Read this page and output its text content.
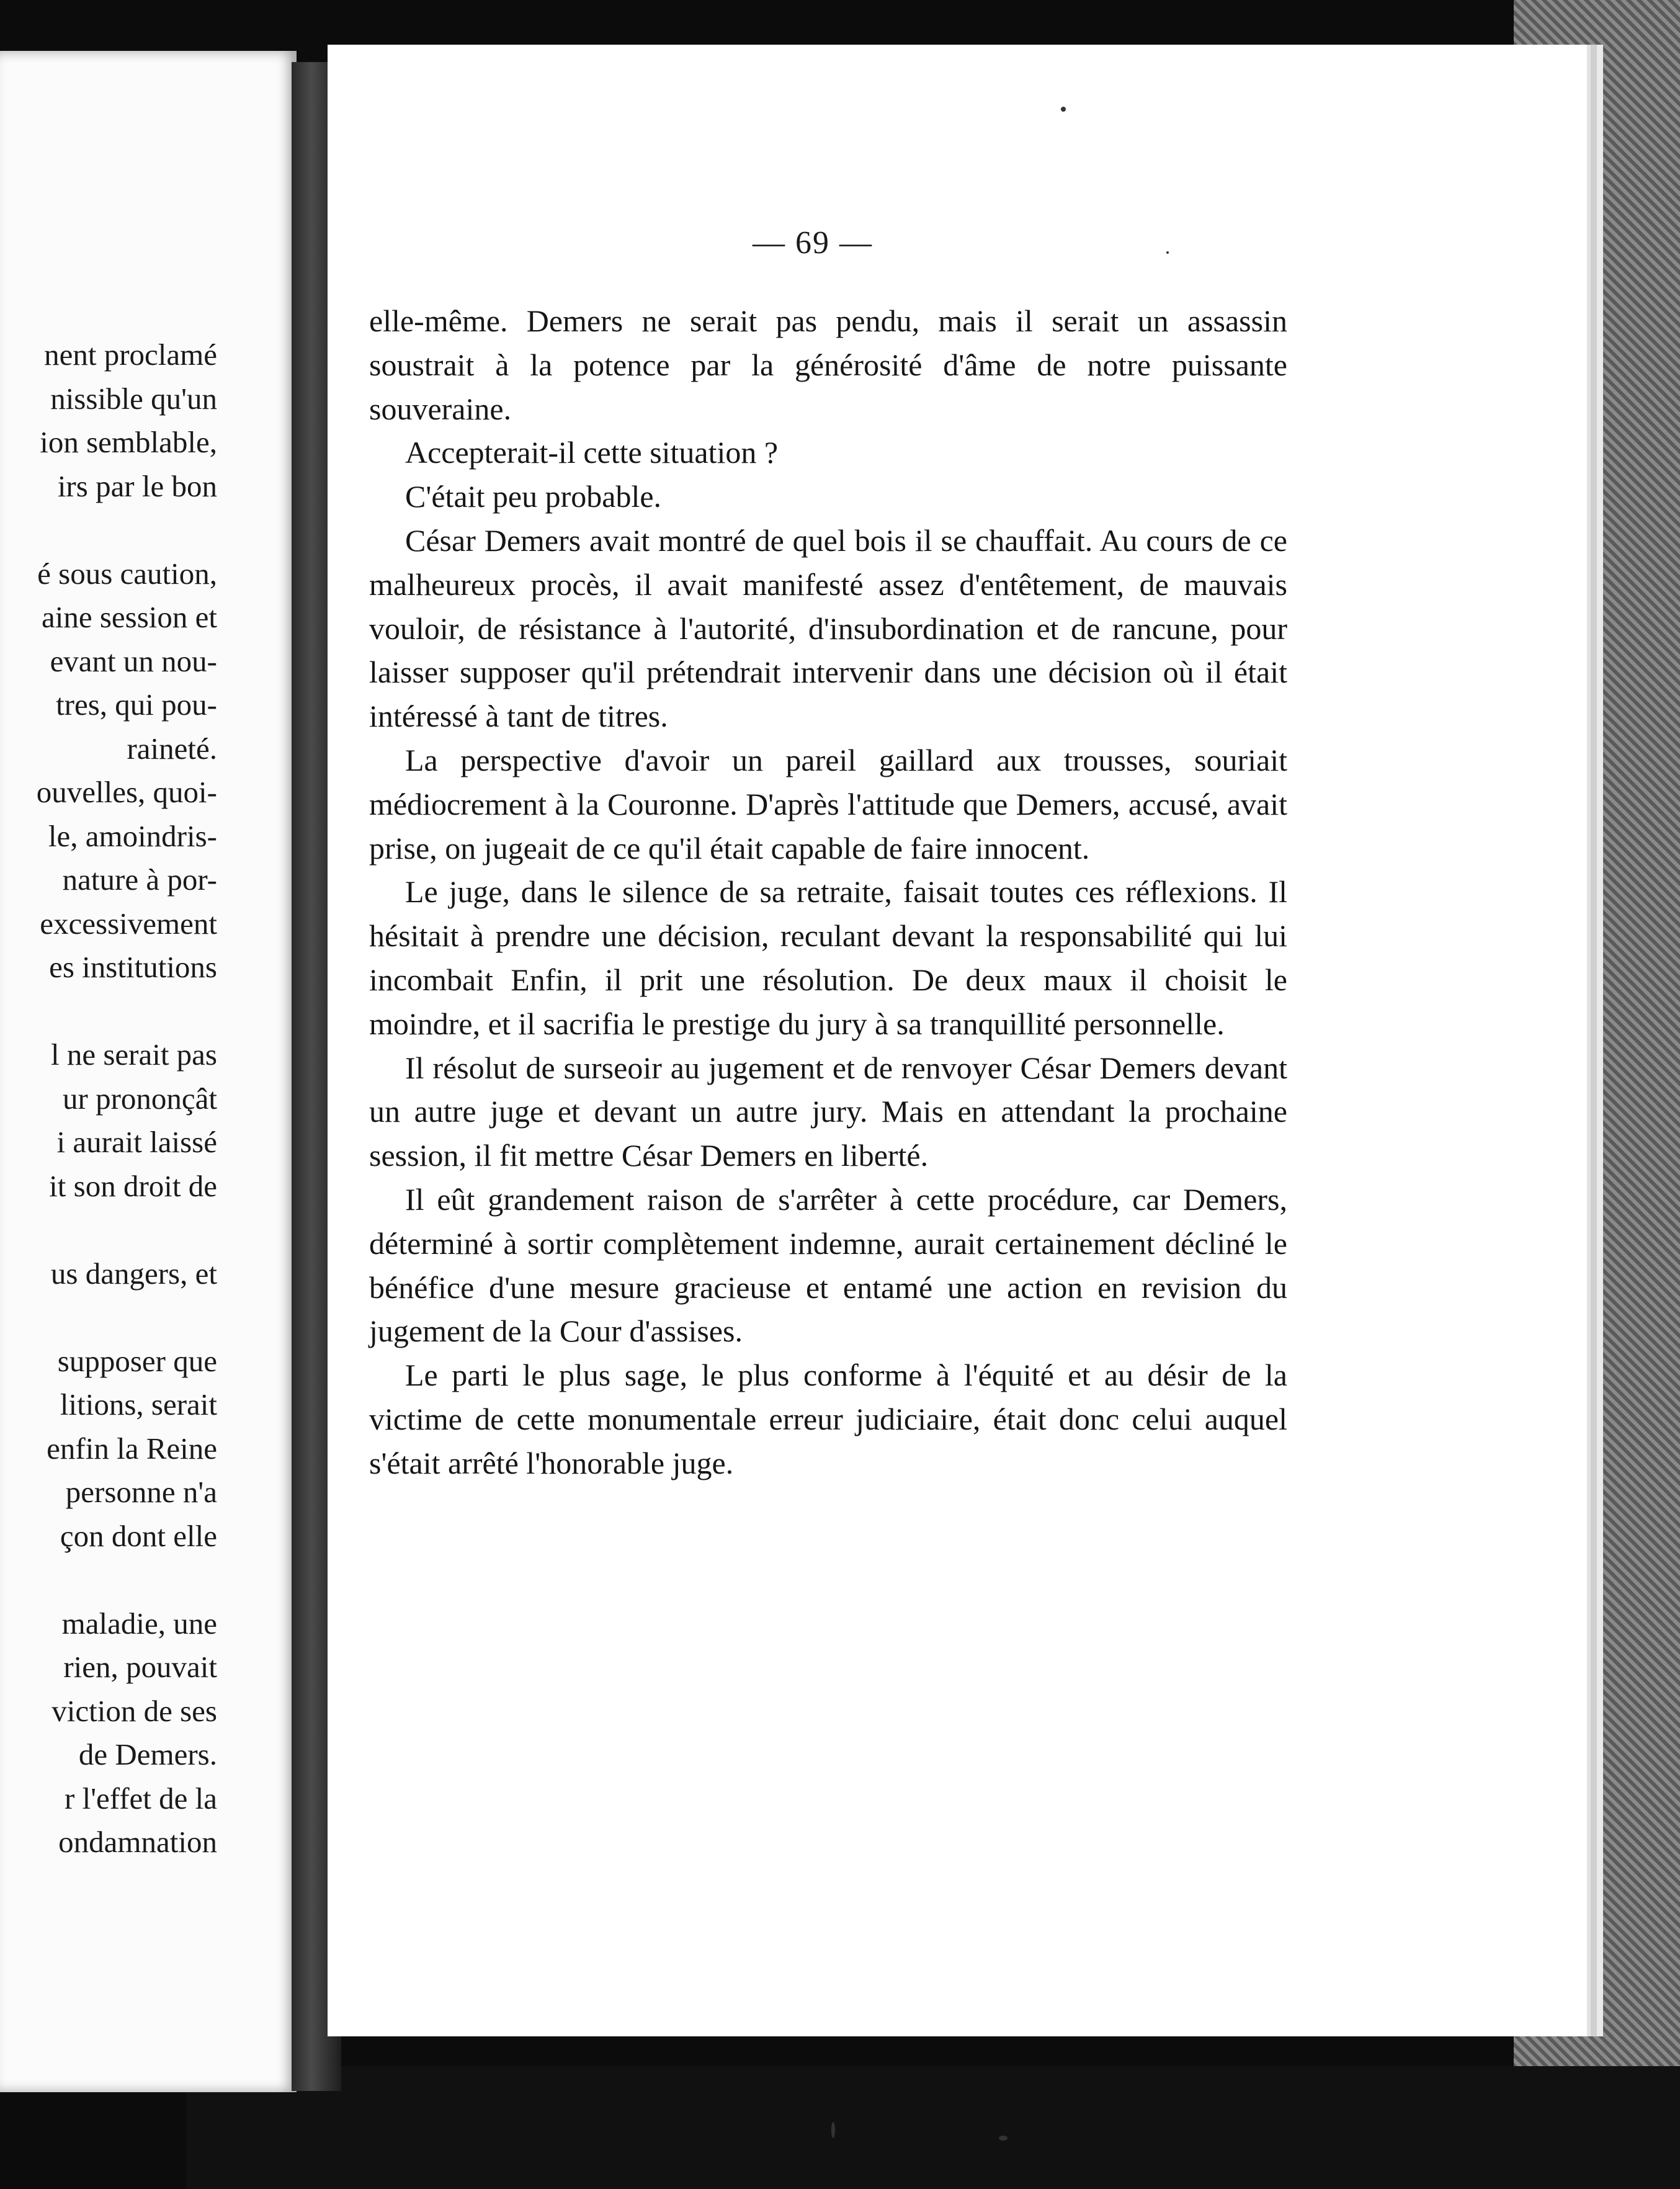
nent proclamé
nissible qu'un
ion semblable,
irs par le bon
é sous caution,
aine session et
evant un nou-
tres, qui pou-
raineté.
ouvelles, quoi-
le, amoindris-
nature à por-
excessivement
es institutions
l ne serait pas
ur prononçât
i aurait laissé
it son droit de
us dangers, et
supposer que
litions, serait
enfin la Reine
personne n'a
çon dont elle
maladie, une
rien, pouvait
viction de ses
de Demers.
r l'effet de la
ondamnation
— 69 —

elle-même. Demers ne serait pas pendu, mais il serait un assassin soustrait à la potence par la générosité d'âme de notre puissante souveraine.

Accepterait-il cette situation ?

C'était peu probable.

César Demers avait montré de quel bois il se chauffait. Au cours de ce malheureux procès, il avait manifesté assez d'entêtement, de mauvais vouloir, de résistance à l'autorité, d'insubordination et de rancune, pour laisser supposer qu'il prétendrait intervenir dans une décision où il était intéressé à tant de titres.

La perspective d'avoir un pareil gaillard aux trousses, souriait médiocrement à la Couronne. D'après l'attitude que Demers, accusé, avait prise, on jugeait de ce qu'il était capable de faire innocent.

Le juge, dans le silence de sa retraite, faisait toutes ces réflexions. Il hésitait à prendre une décision, reculant devant la responsabilité qui lui incombait Enfin, il prit une résolution. De deux maux il choisit le moindre, et il sacrifia le prestige du jury à sa tranquillité personnelle.

Il résolut de surseoir au jugement et de renvoyer César Demers devant un autre juge et devant un autre jury. Mais en attendant la prochaine session, il fit mettre César Demers en liberté.

Il eût grandement raison de s'arrêter à cette procédure, car Demers, déterminé à sortir complètement indemne, aurait certainement décliné le bénéfice d'une mesure gracieuse et entamé une action en revision du jugement de la Cour d'assises.

Le parti le plus sage, le plus conforme à l'équité et au désir de la victime de cette monumentale erreur judiciaire, était donc celui auquel s'était arrêté l'honorable juge.
